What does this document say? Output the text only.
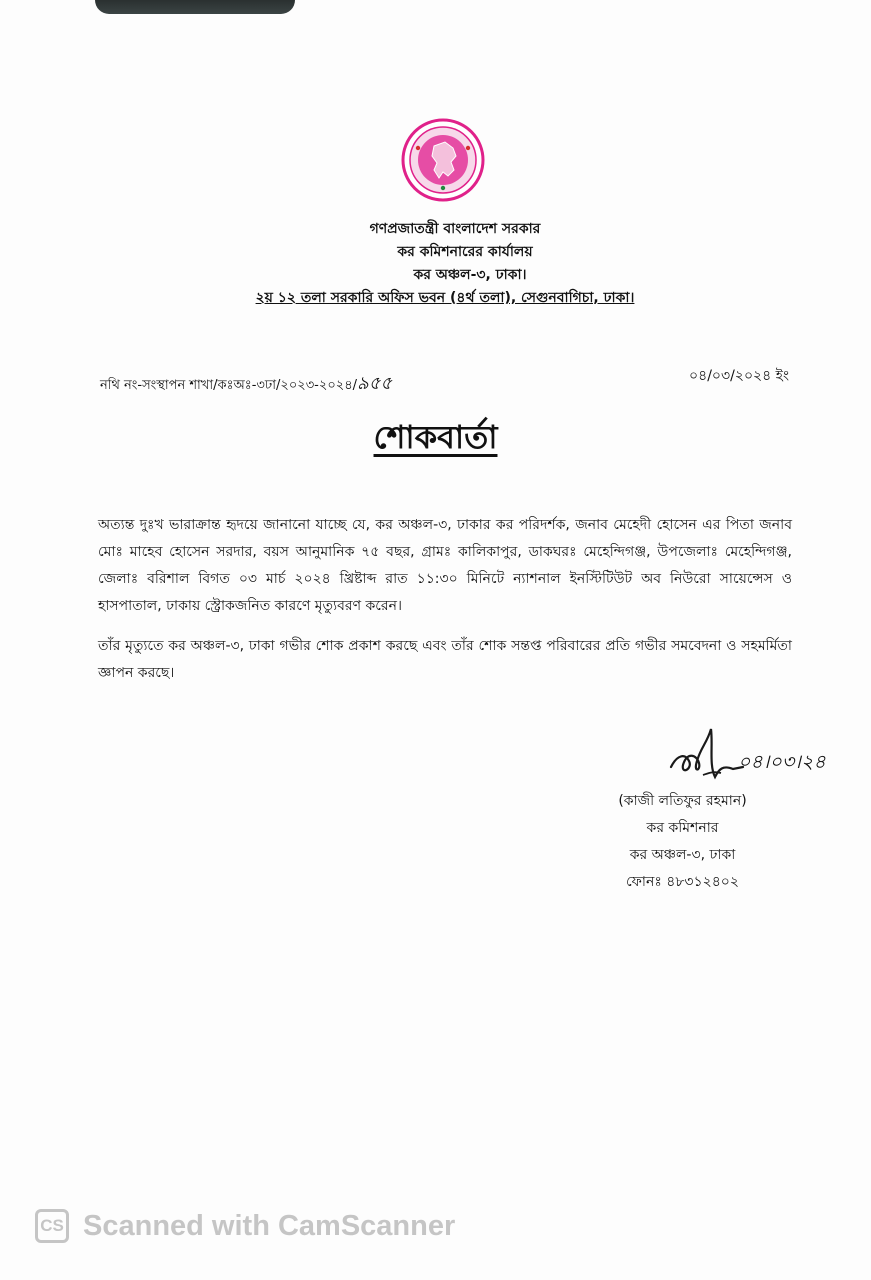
গণপ্রজাতন্ত্রী বাংলাদেশ সরকার
কর কমিশনারের কার্যালয়
কর অঞ্চল-৩, ঢাকা।
২য় ১২ তলা সরকারি অফিস ভবন (৪র্থ তলা), সেগুনবাগিচা, ঢাকা।
নথি নং-সংস্থাপন শাখা/কঃঅঃ-৩ঢা/২০২৩-২০২৪/৯৫৫	০৪/০৩/২০২৪ ইং
শোকবার্তা
অত্যন্ত দুঃখ ভারাক্রান্ত হৃদয়ে জানানো যাচ্ছে যে, কর অঞ্চল-৩, ঢাকার কর পরিদর্শক, জনাব মেহেদী হোসেন এর পিতা জনাব মোঃ মাহেব হোসেন সরদার, বয়স আনুমানিক ৭৫ বছর, গ্রামঃ কালিকাপুর, ডাকঘরঃ মেহেন্দিগঞ্জ, উপজেলাঃ মেহেন্দিগঞ্জ, জেলাঃ বরিশাল বিগত ০৩ মার্চ ২০২৪ খ্রিষ্টাব্দ রাত ১১:৩০ মিনিটে ন্যাশনাল ইনস্টিটিউট অব নিউরো সায়েন্সেস ও হাসপাতাল, ঢাকায় স্ট্রোকজনিত কারণে মৃত্যুবরণ করেন।
তাঁর মৃত্যুতে কর অঞ্চল-৩, ঢাকা গভীর শোক প্রকাশ করছে এবং তাঁর শোক সন্তপ্ত পরিবারের প্রতি গভীর সমবেদনা ও সহমর্মিতা জ্ঞাপন করছে।
০৪।০৩।২৪
(কাজী লতিফুর রহমান)
কর কমিশনার
কর অঞ্চল-৩, ঢাকা
ফোনঃ ৪৮৩১২৪০২
CS Scanned with CamScanner
